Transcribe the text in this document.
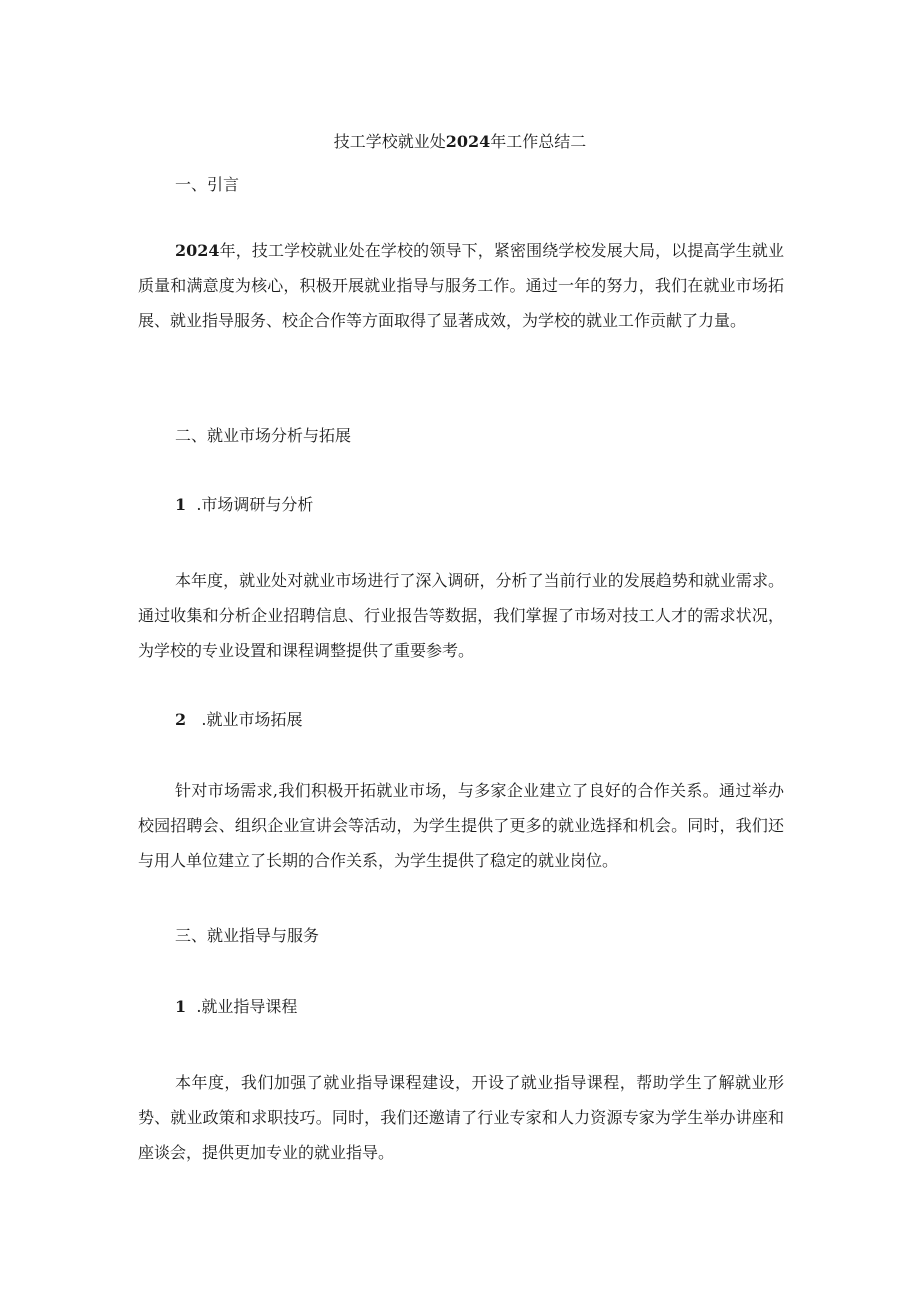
技工学校就业处2024年工作总结二
一、引言
2024年，技工学校就业处在学校的领导下，紧密围绕学校发展大局，以提高学生就业质量和满意度为核心，积极开展就业指导与服务工作。通过一年的努力，我们在就业市场拓展、就业指导服务、校企合作等方面取得了显著成效，为学校的就业工作贡献了力量。
二、就业市场分析与拓展
1 .市场调研与分析
本年度，就业处对就业市场进行了深入调研，分析了当前行业的发展趋势和就业需求。通过收集和分析企业招聘信息、行业报告等数据，我们掌握了市场对技工人才的需求状况，为学校的专业设置和课程调整提供了重要参考。
2 .就业市场拓展
针对市场需求,我们积极开拓就业市场，与多家企业建立了良好的合作关系。通过举办校园招聘会、组织企业宣讲会等活动，为学生提供了更多的就业选择和机会。同时，我们还与用人单位建立了长期的合作关系，为学生提供了稳定的就业岗位。
三、就业指导与服务
1 .就业指导课程
本年度，我们加强了就业指导课程建设，开设了就业指导课程，帮助学生了解就业形势、就业政策和求职技巧。同时，我们还邀请了行业专家和人力资源专家为学生举办讲座和座谈会，提供更加专业的就业指导。
